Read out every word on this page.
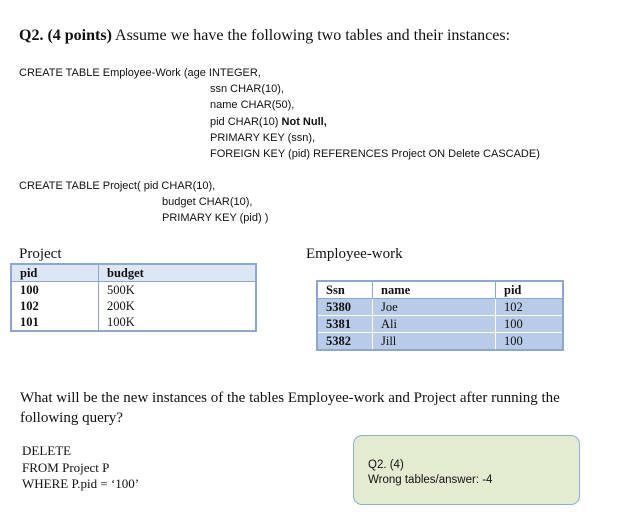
Q2. (4 points) Assume we have the following two tables and their instances:
CREATE TABLE Employee-Work (age INTEGER,
ssn CHAR(10),
name CHAR(50),
pid CHAR(10) Not Null,
PRIMARY KEY (ssn),
FOREIGN KEY (pid) REFERENCES Project ON Delete CASCADE)
CREATE TABLE Project( pid CHAR(10),
budget CHAR(10),
PRIMARY KEY (pid) )
Project
pid	budget
100	500K
102	200K
101	100K
Employee-work
Ssn	name	pid
5380	Joe	102
5381	Ali	100
5382	Jill	100
What will be the new instances of the tables Employee-work and Project after running the following query?
DELETE
FROM Project P
WHERE P.pid = ‘100’
Q2. (4)
Wrong tables/answer: -4
